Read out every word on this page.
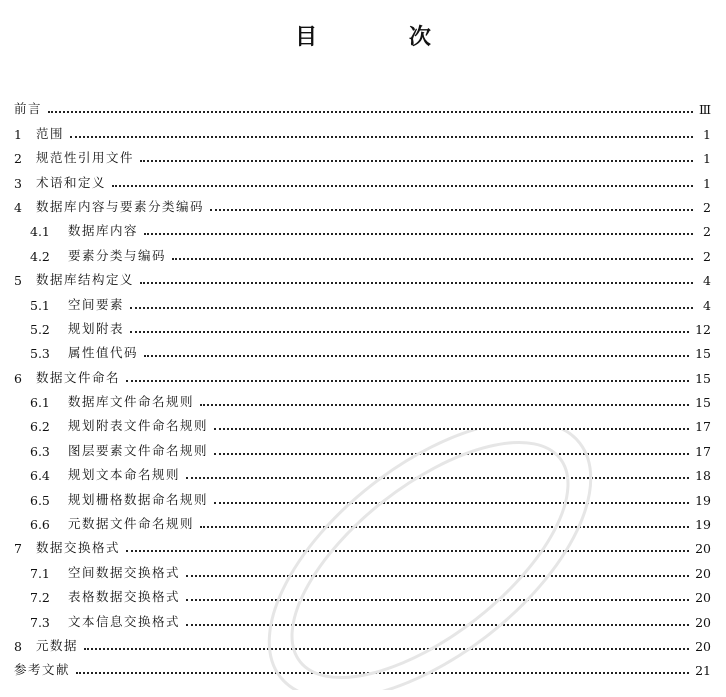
目 次
前言	Ⅲ
1	范围	1
2	规范性引用文件	1
3	术语和定义	1
4	数据库内容与要素分类编码	2
4.1	数据库内容	2
4.2	要素分类与编码	2
5	数据库结构定义	4
5.1	空间要素	4
5.2	规划附表	12
5.3	属性值代码	15
6	数据文件命名	15
6.1	数据库文件命名规则	15
6.2	规划附表文件命名规则	17
6.3	图层要素文件命名规则	17
6.4	规划文本命名规则	18
6.5	规划栅格数据命名规则	19
6.6	元数据文件命名规则	19
7	数据交换格式	20
7.1	空间数据交换格式	20
7.2	表格数据交换格式	20
7.3	文本信息交换格式	20
8	元数据	20
参考文献	21
